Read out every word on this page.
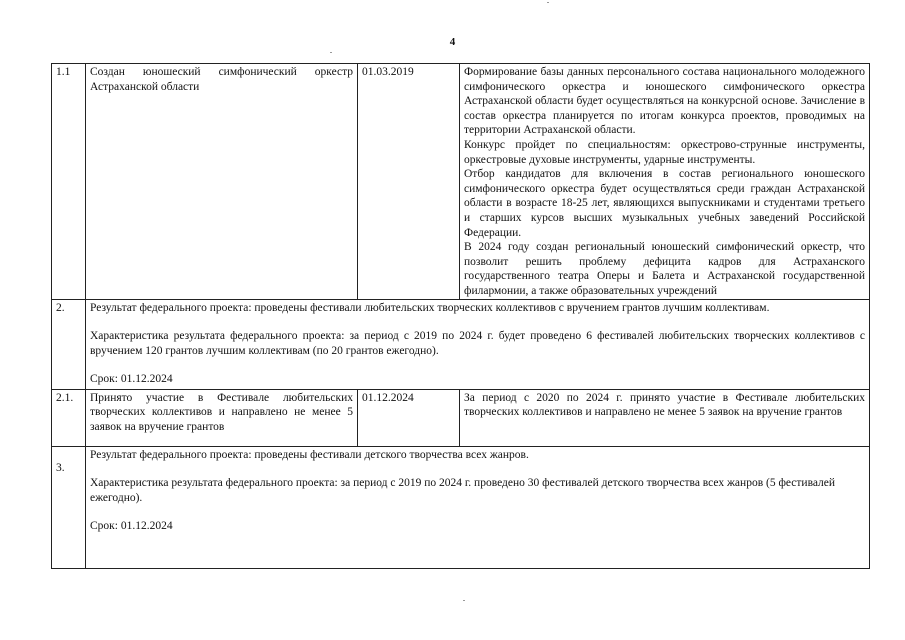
4
1.1	Создан юношеский симфонический оркестр Астраханской области	01.03.2019	Формирование базы данных персонального состава национального молодежного симфонического оркестра и юношеского симфонического оркестра Астраханской области будет осуществляться на конкурсной основе. Зачисление в состав оркестра планируется по итогам конкурса проектов, проводимых на территории Астраханской области.

Конкурс пройдет по специальностям: оркестрово-струнные инструменты, оркестровые духовые инструменты, ударные инструменты.

Отбор кандидатов для включения в состав регионального юношеского симфонического оркестра будет осуществляться среди граждан Астраханской области в возрасте 18-25 лет, являющихся выпускниками и студентами третьего и старших курсов высших музыкальных учебных заведений Российской Федерации.

В 2024 году создан региональный юношеский симфонический оркестр, что позволит решить проблему дефицита кадров для Астраханского государственного театра Оперы и Балета и Астраханской государственной филармонии, а также образовательных учреждений

2.	Результат федерального проекта: проведены фестивали любительских творческих коллективов с вручением грантов лучшим коллективам.

Характеристика результата федерального проекта: за период с 2019 по 2024 г. будет проведено 6 фестивалей любительских творческих коллективов с вручением 120 грантов лучшим коллективам (по 20 грантов ежегодно).

Срок: 01.12.2024		

2.1.	Принято участие в Фестивале любительских творческих коллективов и направлено не менее 5 заявок на вручение грантов	01.12.2024	За период с 2020 по 2024 г. принято участие в Фестивале любительских творческих коллективов и направлено не менее 5 заявок на вручение грантов
3.	Результат федерального проекта: проведены фестивали детского творчества всех жанров.

Характеристика результата федерального проекта: за период с 2019 по 2024 г. проведено 30 фестивалей детского творчества всех жанров (5 фестивалей ежегодно).

Срок: 01.12.2024		
